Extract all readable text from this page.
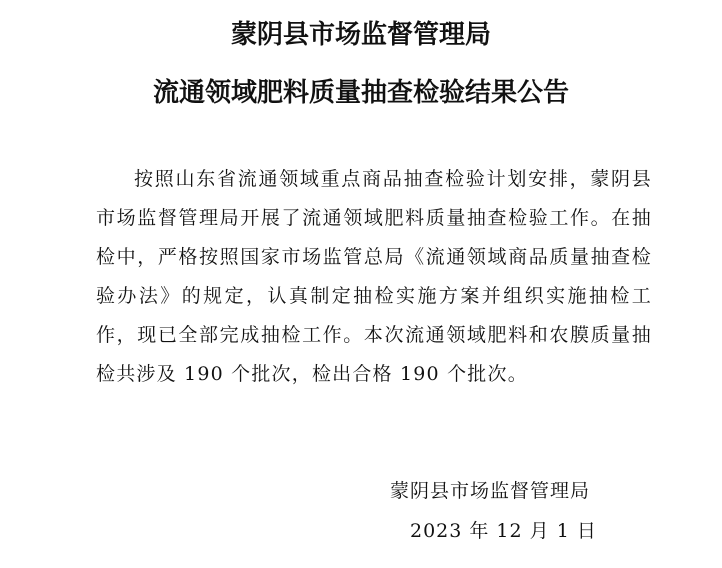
蒙阴县市场监督管理局
流通领域肥料质量抽查检验结果公告
按照山东省流通领域重点商品抽查检验计划安排，蒙阴县市场监督管理局开展了流通领域肥料质量抽查检验工作。在抽检中，严格按照国家市场监管总局《流通领域商品质量抽查检验办法》的规定，认真制定抽检实施方案并组织实施抽检工作，现已全部完成抽检工作。本次流通领域肥料和农膜质量抽检共涉及 190 个批次，检出合格 190 个批次。
蒙阴县市场监督管理局
2023 年 12 月 1 日
